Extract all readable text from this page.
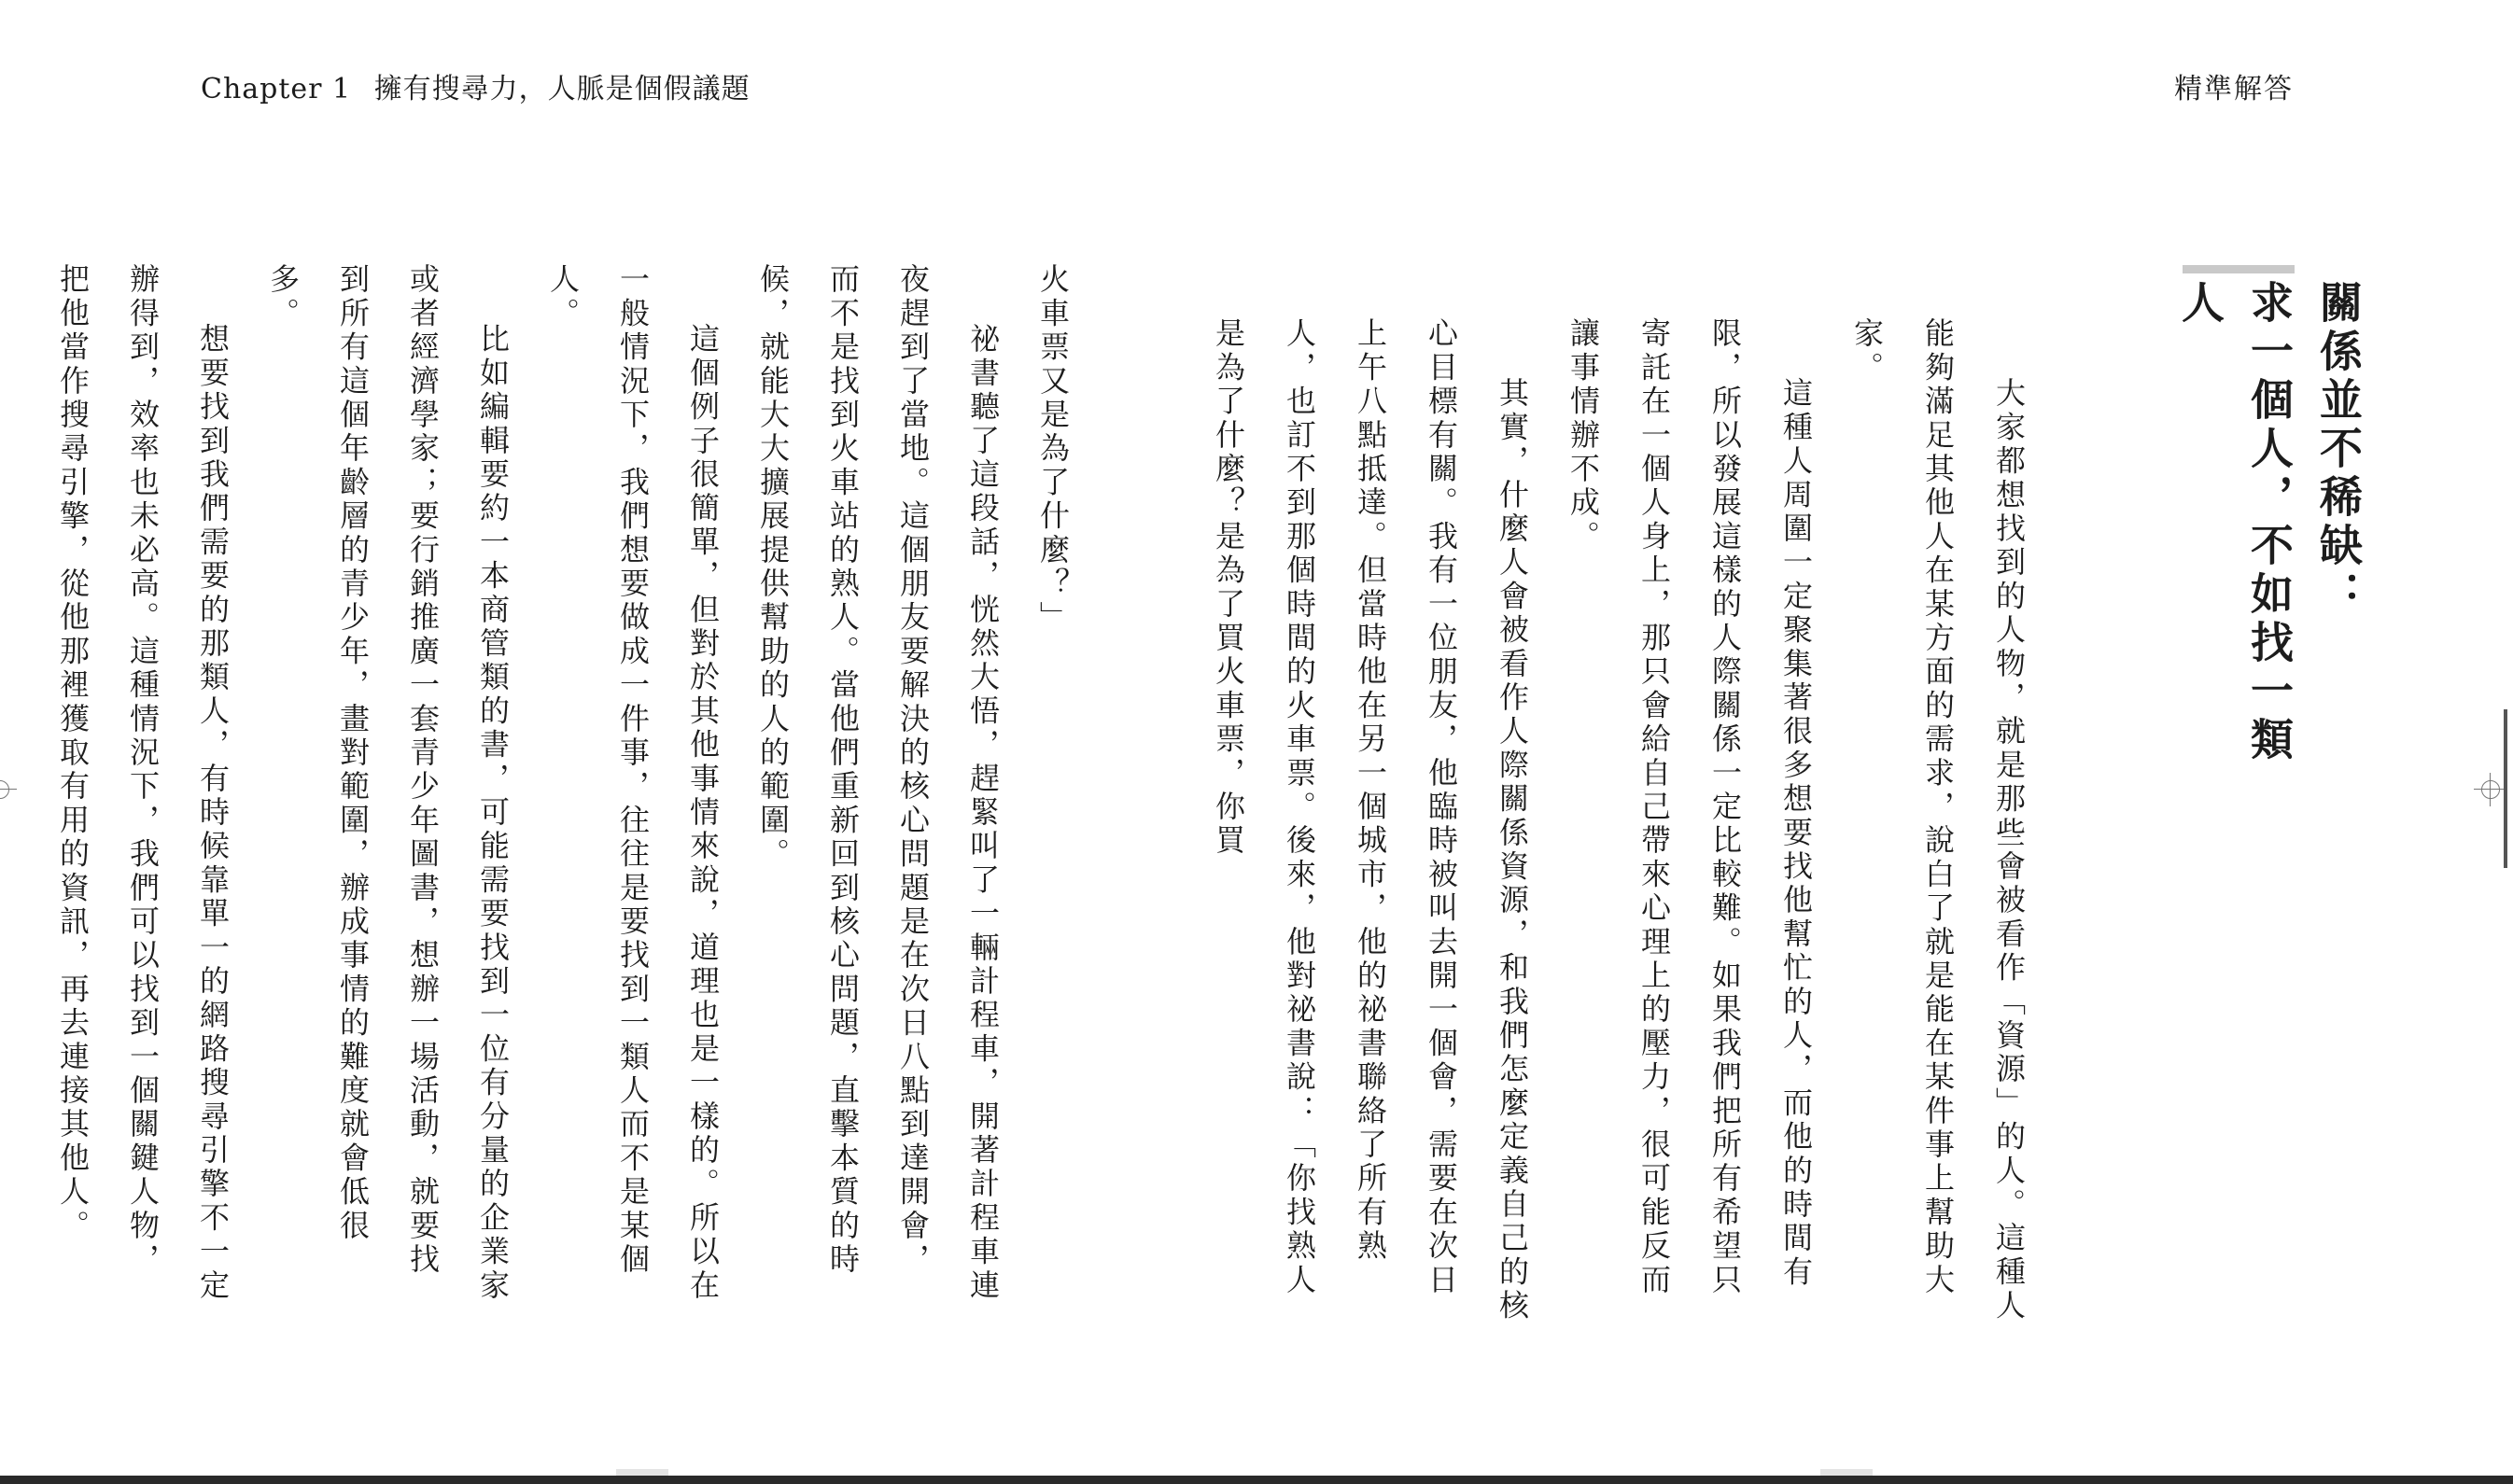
Chapter 1 擁有搜尋力，人脈是個假議題	精準解答
關係並不稀缺：
求一個人，不如找一類人

大家都想找到的人物，就是那些會被看作「資源」的人。這種人能夠滿足其他人在某方面的需求，說白了就是能在某件事上幫助大家。

這種人周圍一定聚集著很多想要找他幫忙的人，而他的時間有限，所以發展這樣的人際關係一定比較難。如果我們把所有希望只寄託在一個人身上，那只會給自己帶來心理上的壓力，很可能反而讓事情辦不成。

其實，什麼人會被看作人際關係資源，和我們怎麼定義自己的核心目標有關。我有一位朋友，他臨時被叫去開一個會，需要在次日上午八點抵達。但當時他在另一個城市，他的祕書聯絡了所有熟人，也訂不到那個時間的火車票。後來，他對祕書說：「你找熟人是為了什麼？是為了買火車票，你買

火車票又是為了什麼？」

祕書聽了這段話，恍然大悟，趕緊叫了一輛計程車，開著計程車連夜趕到了當地。這個朋友要解決的核心問題是在次日八點到達開會，而不是找到火車站的熟人。當他們重新回到核心問題，直擊本質的時候，就能大大擴展提供幫助的人的範圍。

這個例子很簡單，但對於其他事情來說，道理也是一樣的。所以在一般情況下，我們想要做成一件事，往往是要找到一類人而不是某個人。

比如編輯要約一本商管類的書，可能需要找到一位有分量的企業家或者經濟學家；要行銷推廣一套青少年圖書，想辦一場活動，就要找到所有這個年齡層的青少年，畫對範圍，辦成事情的難度就會低很多。

想要找到我們需要的那類人，有時候靠單一的網路搜尋引擎不一定辦得到，效率也未必高。這種情況下，我們可以找到一個關鍵人物，把他當作搜尋引擎，從他那裡獲取有用的資訊，再去連接其他人。
